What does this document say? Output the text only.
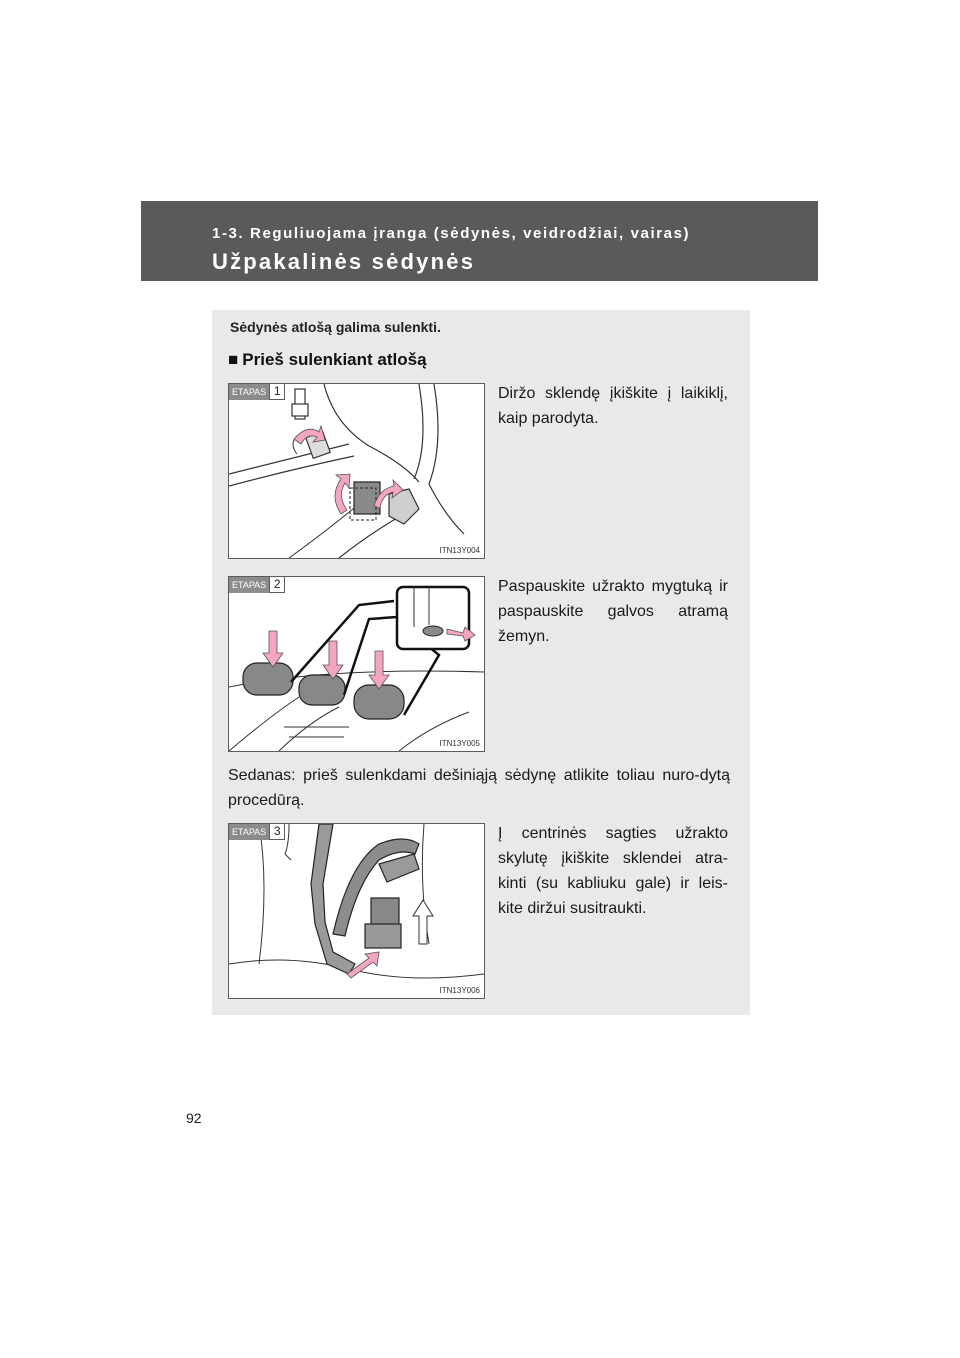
1-3. Reguliuojama įranga (sėdynės, veidrodžiai, vairas)
Užpakalinės sėdynės
Sėdynės atlošą galima sulenkti.
■ Prieš sulenkiant atlošą
ETAPAS 1
ITN13Y004
Diržo sklendę įkiškite į laikiklį, kaip parodyta.
ETAPAS 2
ITN13Y005
Paspauskite užrakto mygtuką ir paspauskite galvos atramą žemyn.
Sedanas: prieš sulenkdami dešiniąją sėdynę atlikite toliau nuro-dytą procedūrą.
ETAPAS 3
ITN13Y006
Į centrinės sagties užrakto skylutę įkiškite sklendei atra-kinti (su kabliuku gale) ir leis-kite diržui susitraukti.
92
